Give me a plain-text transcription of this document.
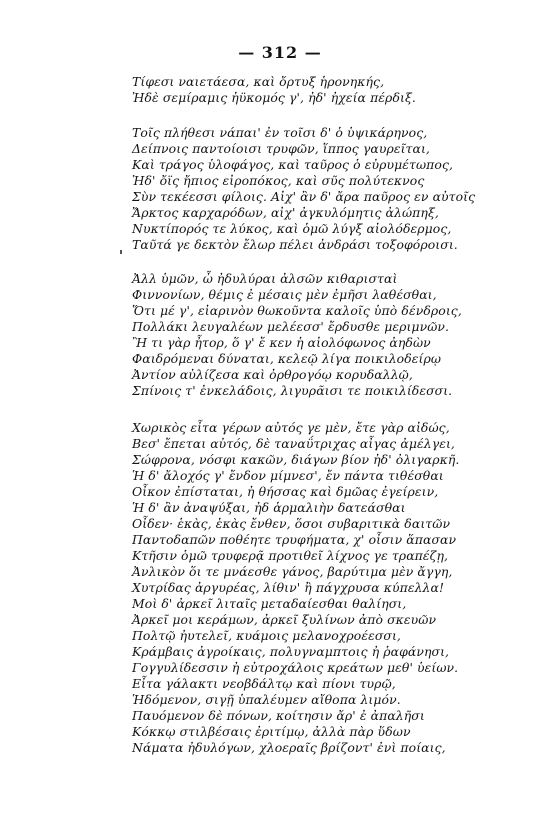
— 312 —
Τίφεσι ναιετάεσα, καὶ ὄρτυξ ἡρονηκής,
Ἠδὲ σεμίραμις ἠϋκομός γ', ἠδ' ἠχεία πέρδιξ.
Τοῖς πλήθεσι νάπαι' ἐν τοῖσι δ' ὁ ὑψικάρηνος,
Δείπνοις παντοίοισι τρυφῶν, ἵππος γαυρεῖται,
Καὶ τράγος ὑλοφάγος, καὶ ταῦρος ὁ εὐρυμέτωπος,
Ἠδ' ὄϊς ἤπιος εἰροπόκος, καὶ σῦς πολύτεκνος
Σὺν τεκέεσσι φίλοις. Αἰχ' ἂν δ' ἄρα παῦρος εν αὐτοῖς
Ἄρκτος καρχαρόδων, αἰχ' ἀγκυλόμητις ἀλώπηξ,
Νυκτίπορός τε λύκος, καὶ ὁμῶ λύγξ αἰολόδερμος,
Ταῦτά γε δεκτὸν ἔλωρ πέλει ἀνδράσι τοξοφόροισι.
Ἀλλ ὑμῶν, ὦ ἠδυλύραι ἀλσῶν κιθαρισταὶ
Φιννονίων, θέμις ἐ μέσαις μὲν ἐμῆσι λαθέσθαι,
Ὅτι μέ γ', εἰαρινὸν θωκοῦντα καλοῖς ὑπὸ δένδροις,
Πολλάκι λευγαλέων μελέεσσ' ἔρδυσθε μεριμνῶν.
Ἢ τι γὰρ ἦτορ, ὅ γ' ἔ κεν ἡ αἰολόφωνος ἀηδὼν
Φαιδρόμεναι δύναται, κελεῷ λίγα ποικιλοδείρῳ
Ἀντίον αὐλίζεσα καὶ ὀρθρογόῳ κορυδαλλῷ,
Σπίνοις τ' ἐνκελάδοις, λιγυρᾶισι τε ποικιλίδεσσι.
Χωρικὸς εἶτα γέρων αὐτός γε μὲν, ἔτε γὰρ αἰδώς,
Βεσ' ἔπεται αὐτός, δὲ ταναΰτριχας αἶγας ἀμέλγει,
Σώφρονα, νόσφι κακῶν, διάγων βίον ἠδ' ὀλιγαρκῆ.
Ἡ δ' ἄλοχός γ' ἔνδον μίμνεσ', ἔν πάντα τιθέσθαι
Οἶκον ἐπίσταται, ἠ θήσσας καὶ δμῶας ἐγείρειν,
Ἡ δ' ἂν ἀναψύξαι, ἠδ ἁρμαλιὴν δατεάσθαι
Οἶδεν· ἑκὰς, ἑκὰς ἔνθεν, ὅσοι συβαριτικὰ δαιτῶν
Παντοδαπῶν ποθέητε τρυφήματα, χ' οἶσιν ἅπασαν
Κτῆσιν ὁμῶ τρυφερᾷ προτιθεῖ λίχνος γε τραπέζῃ,
Ἀνλικὸν ὅι τε μνάεσθε γάνος, βαρύτιμα μὲν ἄγγη,
Χυτρίδας ἀργυρέας, λίθιν' ἢ πάγχρυσα κύπελλα!
Μοὶ δ' ἀρκεῖ λιταῖς μεταδαίεσθαι θαλίησι,
Ἀρκεῖ μοι κεράμων, ἀρκεῖ ξυλίνων ἀπὸ σκευῶν
Πολτῷ ἠυτελεῖ, κυάμοις μελανοχροέεσσι,
Κράμβαις ἀγροίκαις, πολυγναμπτοις ἠ ῥαφάνησι,
Γογγυλίδεσσιν ἠ εὐτροχάλοις κρεάτων μεθ' ὑείων.
Εἶτα γάλακτι νεοβδάλτῳ καὶ πίονι τυρῷ,
Ἡδόμενον, σιγῇ ὑπαλέυμεν αἴθοπα λιμόν.
Παυόμενον δὲ πόνων, κοίτησιν ἄρ' ἐ ἀπαλῆσι
Κόκκῳ στιλβέσαις ἐριτίμῳ, ἀλλὰ πὰρ ὕδων
Νάματα ἠδυλόγων, χλοεραῖς βρίζοντ' ἐνὶ ποίαις,
